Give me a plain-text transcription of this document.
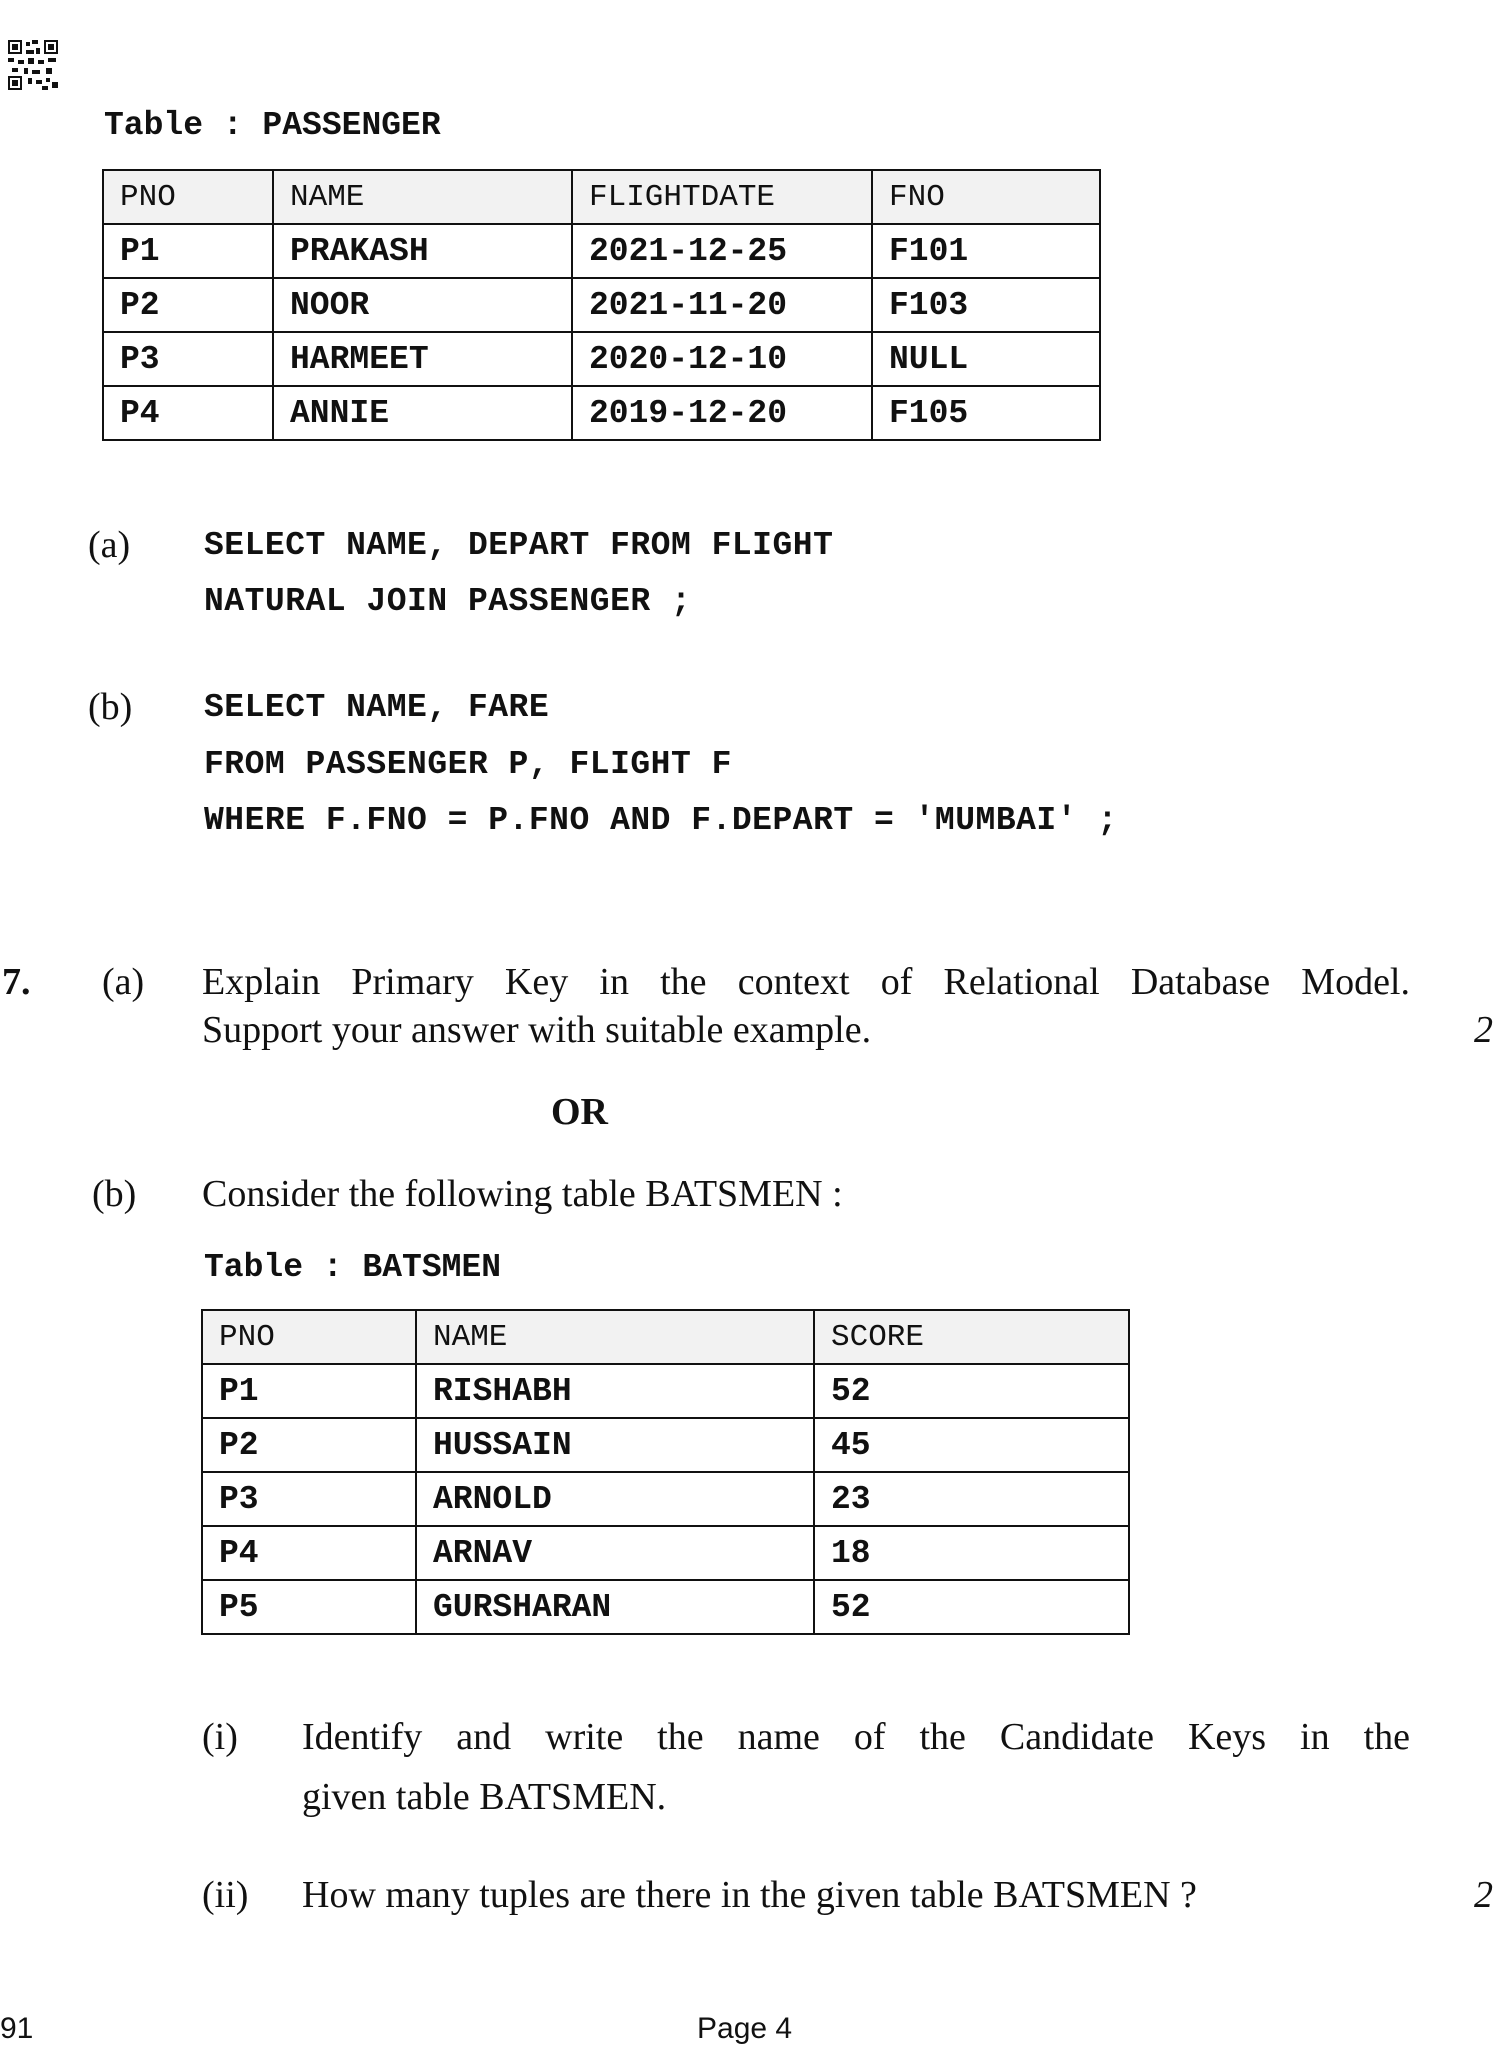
Table : PASSENGER
PNO	NAME	FLIGHTDATE	FNO
P1	PRAKASH	2021-12-25	F101
P2	NOOR	2021-11-20	F103
P3	HARMEET	2020-12-10	NULL
P4	ANNIE	2019-12-20	F105
(a) SELECT NAME, DEPART FROM FLIGHT
NATURAL JOIN PASSENGER ;
(b) SELECT NAME, FARE
FROM PASSENGER P, FLIGHT F
WHERE F.FNO = P.FNO AND F.DEPART = 'MUMBAI' ;
7. (a) Explain Primary Key in the context of Relational Database Model.
Support your answer with suitable example.	2
OR
(b) Consider the following table BATSMEN :
Table : BATSMEN
PNO	NAME	SCORE
P1	RISHABH	52
P2	HUSSAIN	45
P3	ARNOLD	23
P4	ARNAV	18
P5	GURSHARAN	52
(i) Identify and write the name of the Candidate Keys in the
given table BATSMEN.
(ii) How many tuples are there in the given table BATSMEN ?	2
91	Page 4
